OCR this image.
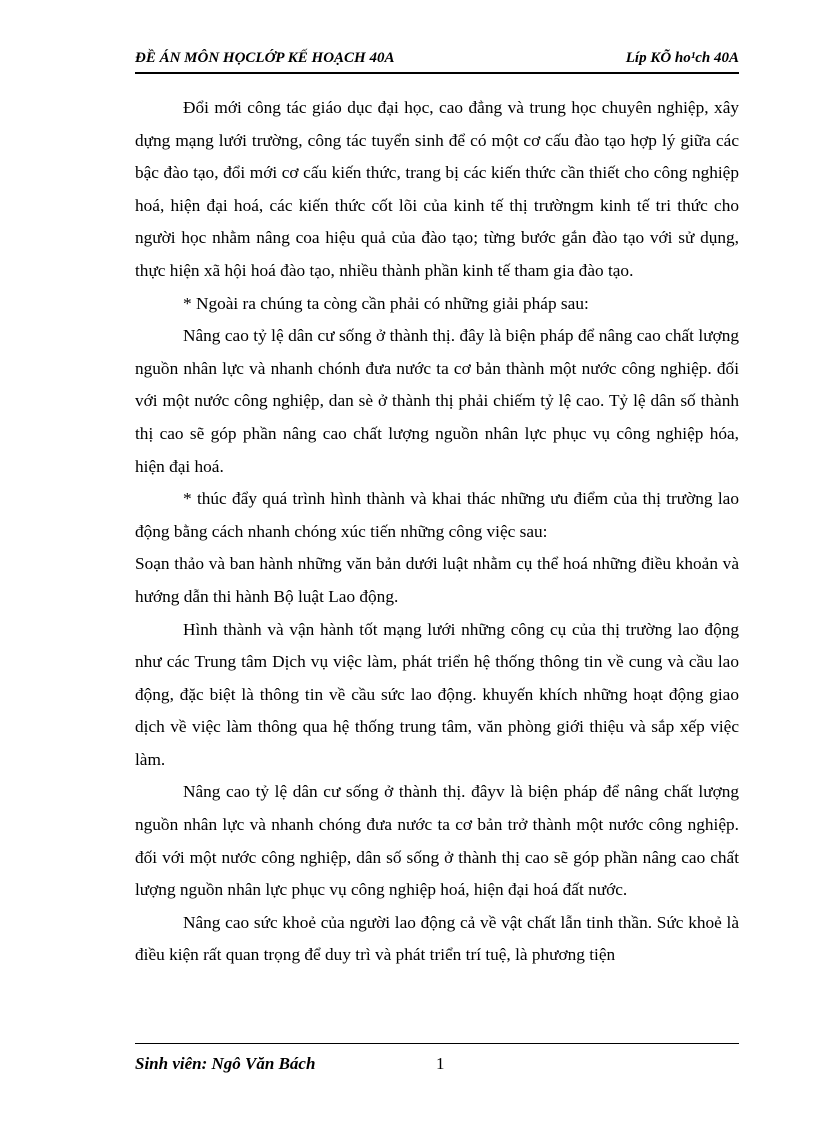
ĐỀ ÁN MÔN HỌCLỚP KẾ HOẠCH 40A	Líp KÕ ho¹ch 40A

Đổi mới công tác giáo dục đại học, cao đẳng và trung học chuyên nghiệp, xây dựng mạng lưới trường, công tác tuyển sinh để có một cơ cấu đào tạo hợp lý giữa các bậc đào tạo, đổi mới cơ cấu kiến thức, trang bị các kiến thức cần thiết cho công nghiệp hoá, hiện đại hoá, các kiến thức cốt lõi của kinh tế thị trườngm kinh tế tri thức cho người học nhằm nâng coa hiệu quả của đào tạo; từng bước gắn đào tạo với sử dụng, thực hiện xã hội hoá đào tạo, nhiều thành phần kinh tế tham gia đào tạo.

* Ngoài ra chúng ta còng cần phải có những giải pháp sau:

Nâng cao tỷ lệ dân cư sống ở thành thị. đây là biện pháp để nâng cao chất lượng nguồn nhân lực và nhanh chónh đưa nước ta cơ bản thành một nước công nghiệp. đối với một nước công nghiệp, dan sè ở thành thị phải chiếm tỷ lệ cao. Tỷ lệ dân số thành thị cao sẽ góp phần nâng cao chất lượng nguồn nhân lực phục vụ công nghiệp hóa, hiện đại hoá.

* thúc đẩy quá trình hình thành và khai thác những ưu điểm của thị trường lao động bằng cách nhanh chóng xúc tiến những công việc sau:

Soạn thảo và ban hành những văn bản dưới luật nhằm cụ thể hoá những điều khoản và hướng dẫn thi hành Bộ luật Lao động.

Hình thành và vận hành tốt mạng lưới những công cụ của thị trường lao động như các Trung tâm Dịch vụ việc làm, phát triển hệ thống thông tin về cung và cầu lao động, đặc biệt là thông tin về cầu sức lao động. khuyến khích những hoạt động giao dịch về việc làm thông qua hệ thống trung tâm, văn phòng giới thiệu và sắp xếp việc làm.

Nâng cao tỷ lệ dân cư sống ở thành thị. đâyv là biện pháp để nâng chất lượng nguồn nhân lực và nhanh chóng đưa nước ta cơ bản trở thành một nước công nghiệp. đối với một nước công nghiệp, dân số sống ở thành thị cao sẽ góp phần nâng cao chất lượng nguồn nhân lực phục vụ công nghiệp hoá, hiện đại hoá đất nước.

Nâng cao sức khoẻ của người lao động cả về vật chất lẫn tinh thần. Sức khoẻ là điều kiện rất quan trọng để duy trì và phát triển trí tuệ, là phương tiện

Sinh viên: Ngô Văn Bách	1
